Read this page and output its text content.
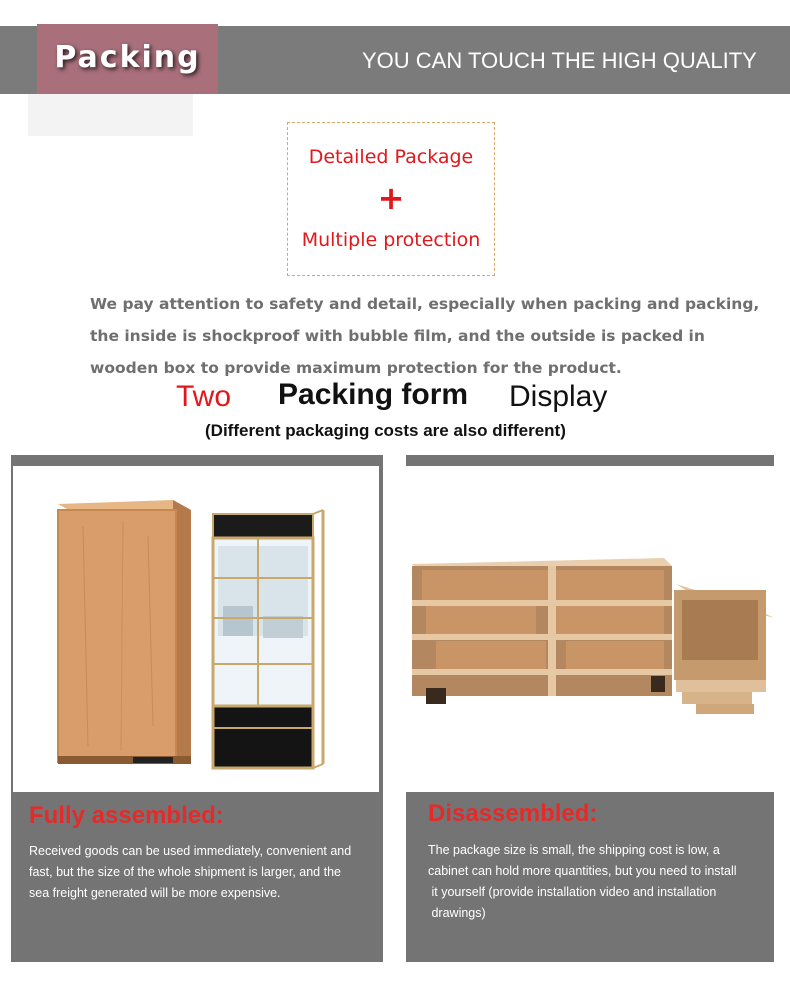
Packing	YOU CAN TOUCH THE HIGH QUALITY
Detailed Package
+
Multiple protection
We pay attention to safety and detail, especially when packing and packing,
the inside is shockproof with bubble film, and the outside is packed in
wooden box to provide maximum protection for the product.
Two Packing form Display
(Different packaging costs are also different)
Fully assembled:
Received goods can be used immediately, convenient and
fast, but the size of the whole shipment is larger, and the
sea freight generated will be more expensive.
Disassembled:
The package size is small, the shipping cost is low, a
cabinet can hold more quantities, but you need to install
it yourself (provide installation video and installation
drawings)
